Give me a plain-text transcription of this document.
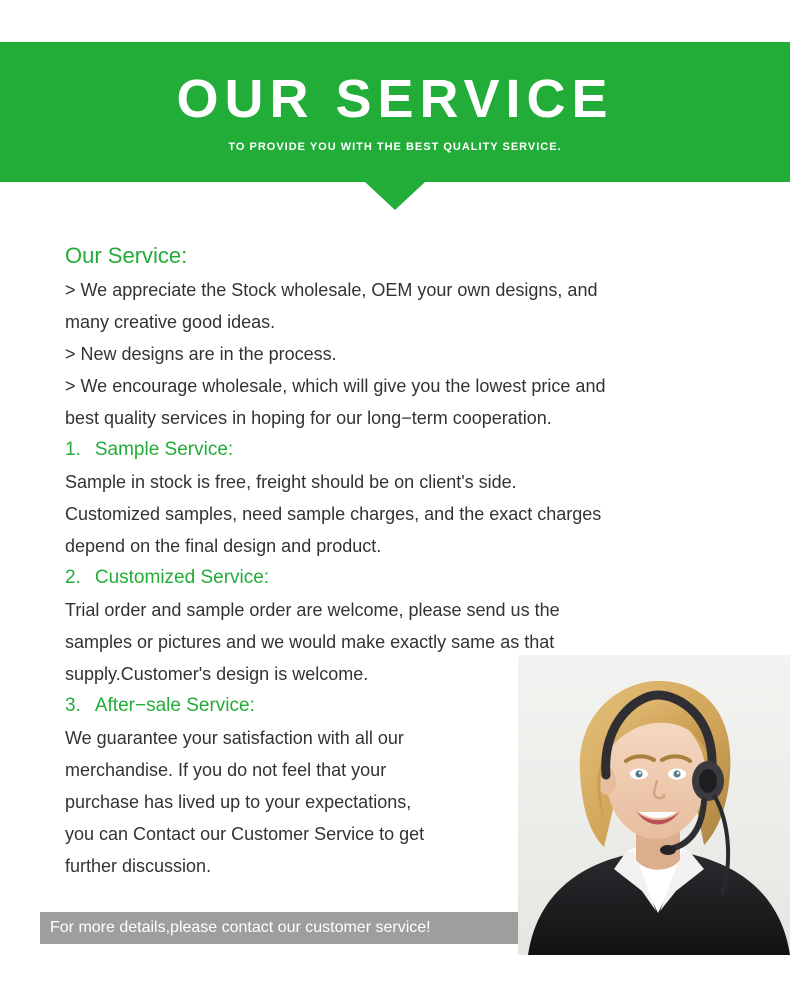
OUR SERVICE
TO PROVIDE YOU WITH THE BEST QUALITY SERVICE.
Our Service:

> We appreciate the Stock wholesale, OEM your own designs, and

many creative good ideas.

> New designs are in the process.

> We encourage wholesale, which will give you the lowest price and

best quality services in hoping for our long−term cooperation.

1. Sample Service:

Sample in stock is free, freight should be on client's side.

Customized samples, need sample charges, and the exact charges

depend on the final design and product.

2. Customized Service:

Trial order and sample order are welcome, please send us the

samples or pictures and we would make exactly same as that

supply.Customer's design is welcome.

3. After−sale Service:

We guarantee your satisfaction with all our

merchandise. If you do not feel that your

purchase has lived up to your expectations,

you can Contact our Customer Service to get

further discussion.

For more details,please contact our customer service!
